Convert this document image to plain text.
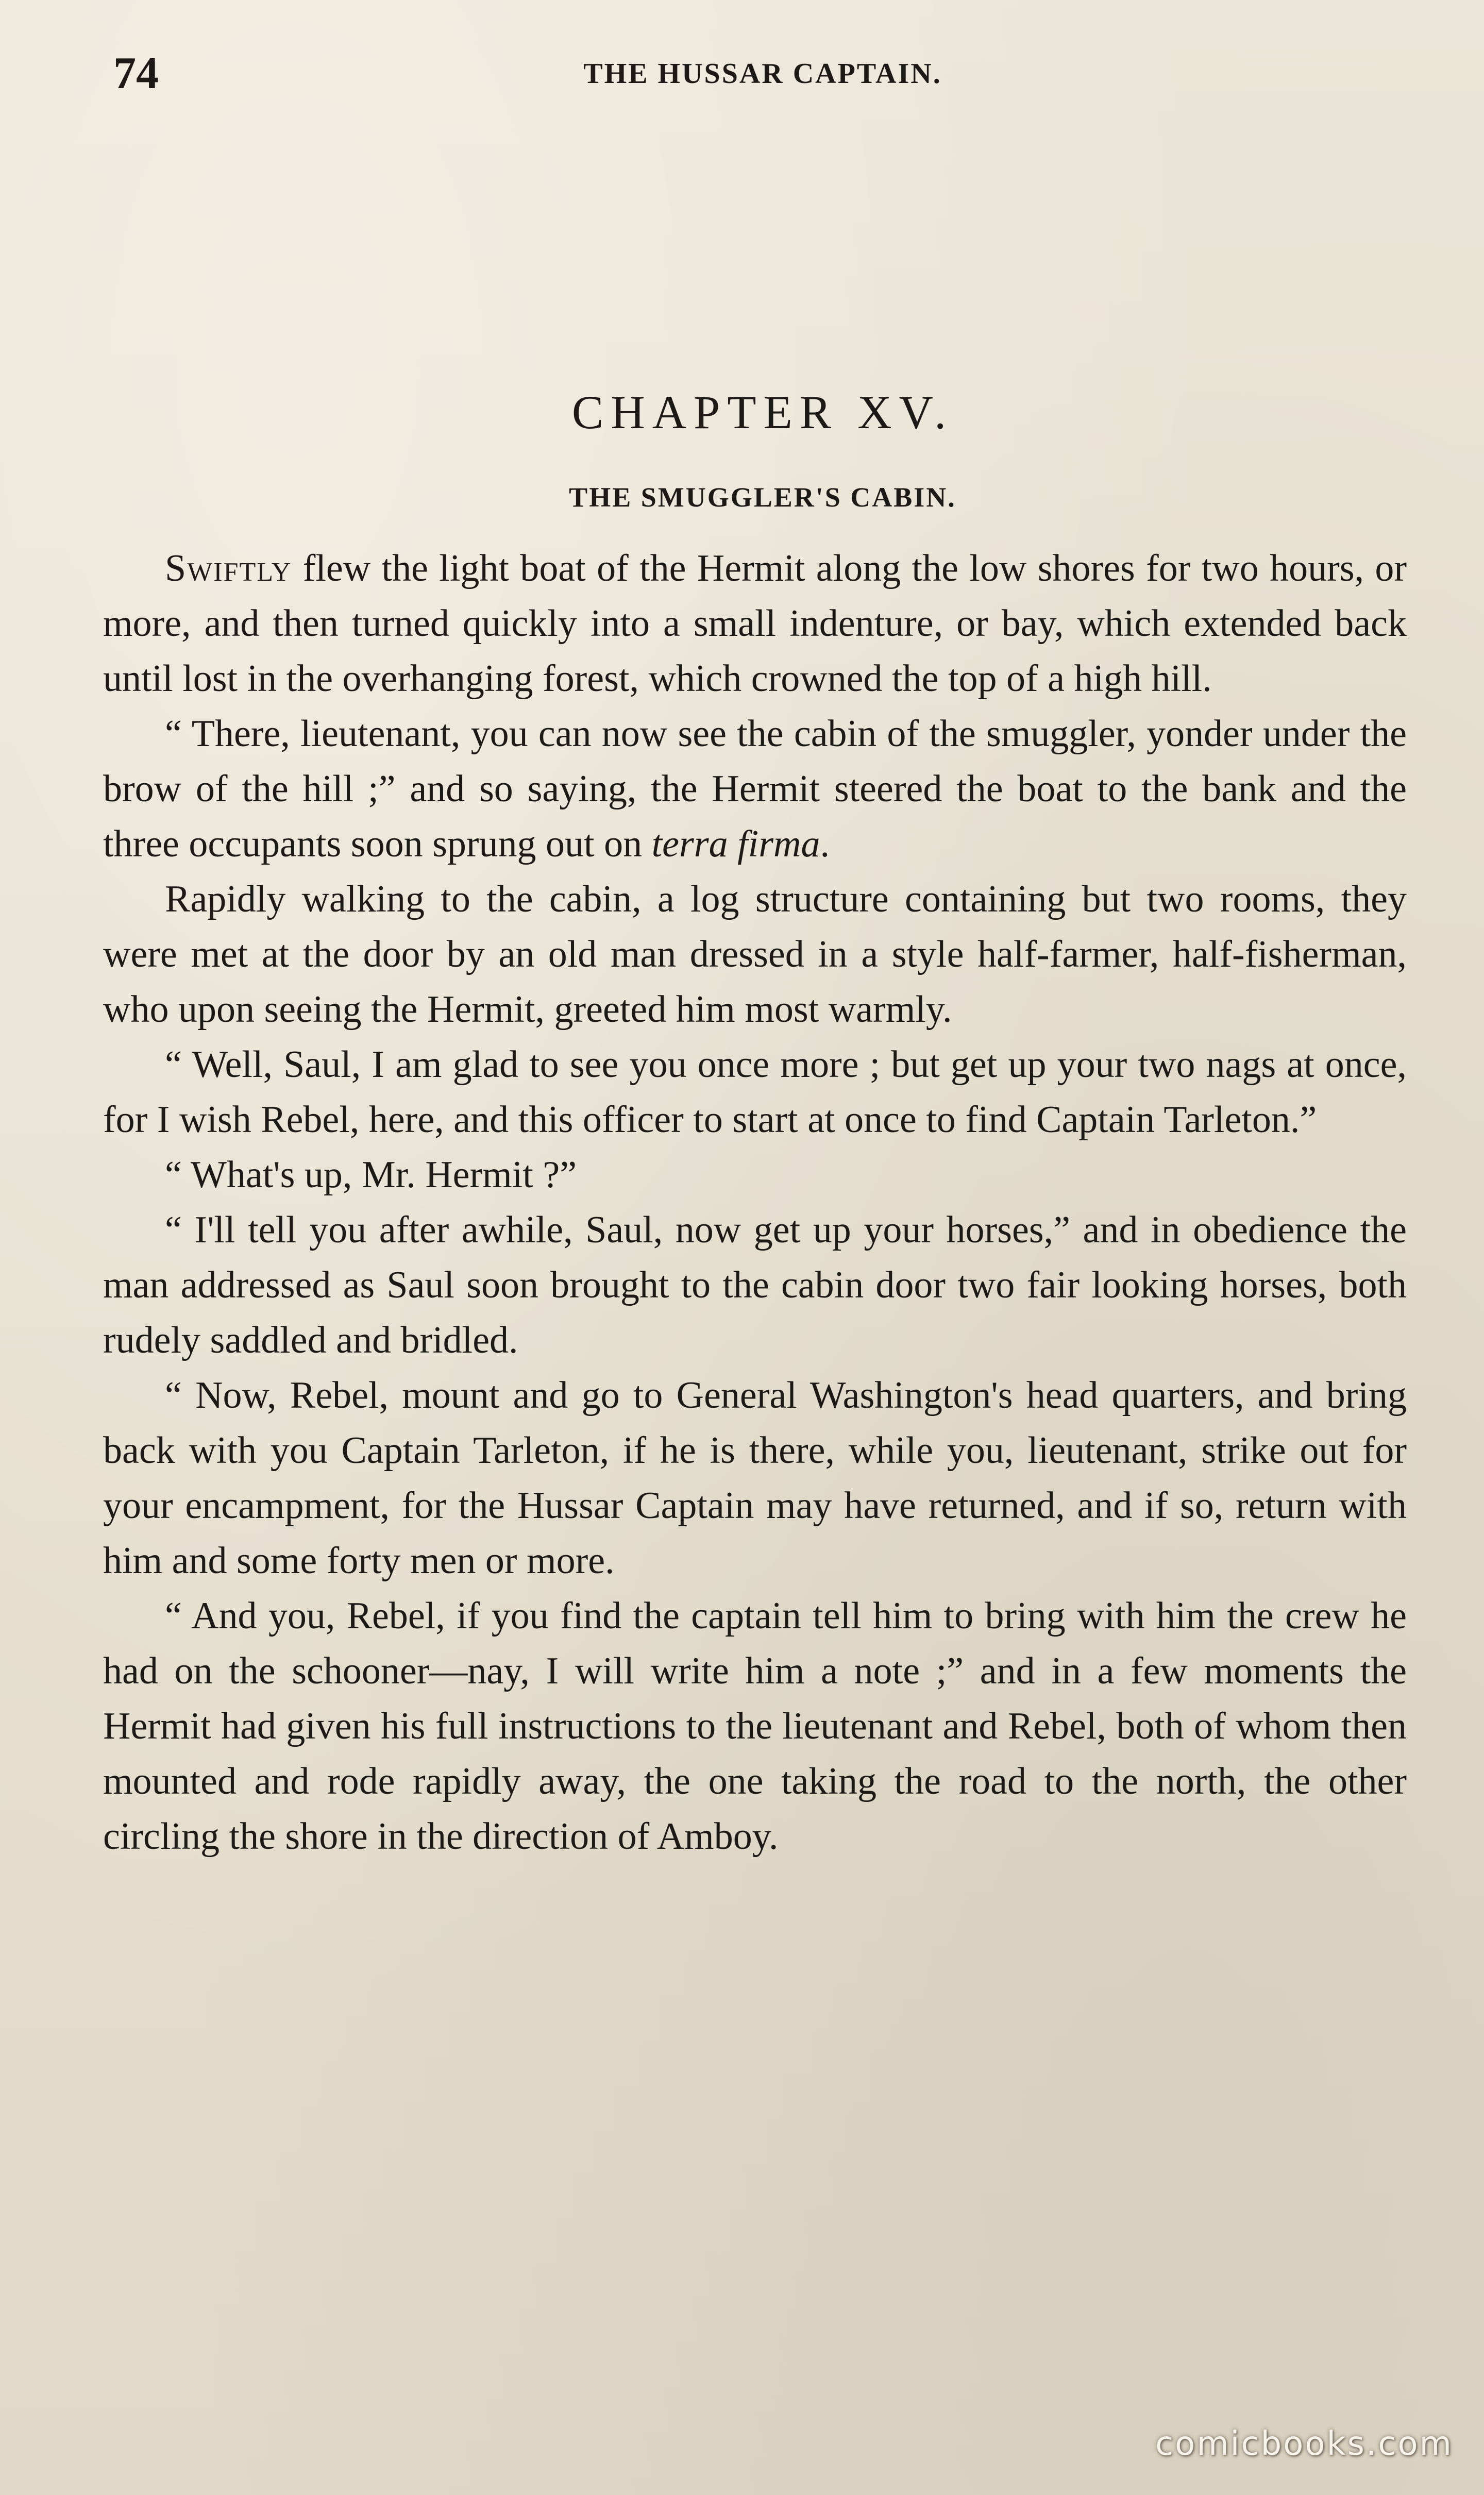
74	THE HUSSAR CAPTAIN.
CHAPTER XV.
THE SMUGGLER'S CABIN.

Swiftly flew the light boat of the Hermit along the low shores for two hours, or more, and then turned quickly into a small indenture, or bay, which extended back until lost in the overhanging forest, which crowned the top of a high hill.

“ There, lieutenant, you can now see the cabin of the smuggler, yonder under the brow of the hill ;” and so saying, the Hermit steered the boat to the bank and the three occupants soon sprung out on terra firma.

Rapidly walking to the cabin, a log structure containing but two rooms, they were met at the door by an old man dressed in a style half-farmer, half-fisherman, who upon seeing the Hermit, greeted him most warmly.

“ Well, Saul, I am glad to see you once more ; but get up your two nags at once, for I wish Rebel, here, and this officer to start at once to find Captain Tarleton.”

“ What's up, Mr. Hermit ?”

“ I'll tell you after awhile, Saul, now get up your horses,” and in obedience the man addressed as Saul soon brought to the cabin door two fair looking horses, both rudely saddled and bridled.

“ Now, Rebel, mount and go to General Washington's head quarters, and bring back with you Captain Tarleton, if he is there, while you, lieutenant, strike out for your encampment, for the Hussar Captain may have returned, and if so, return with him and some forty men or more.

“ And you, Rebel, if you find the captain tell him to bring with him the crew he had on the schooner—nay, I will write him a note ;” and in a few moments the Hermit had given his full instructions to the lieutenant and Rebel, both of whom then mounted and rode rapidly away, the one taking the road to the north, the other circling the shore in the direction of Amboy.

comicbooks.com
